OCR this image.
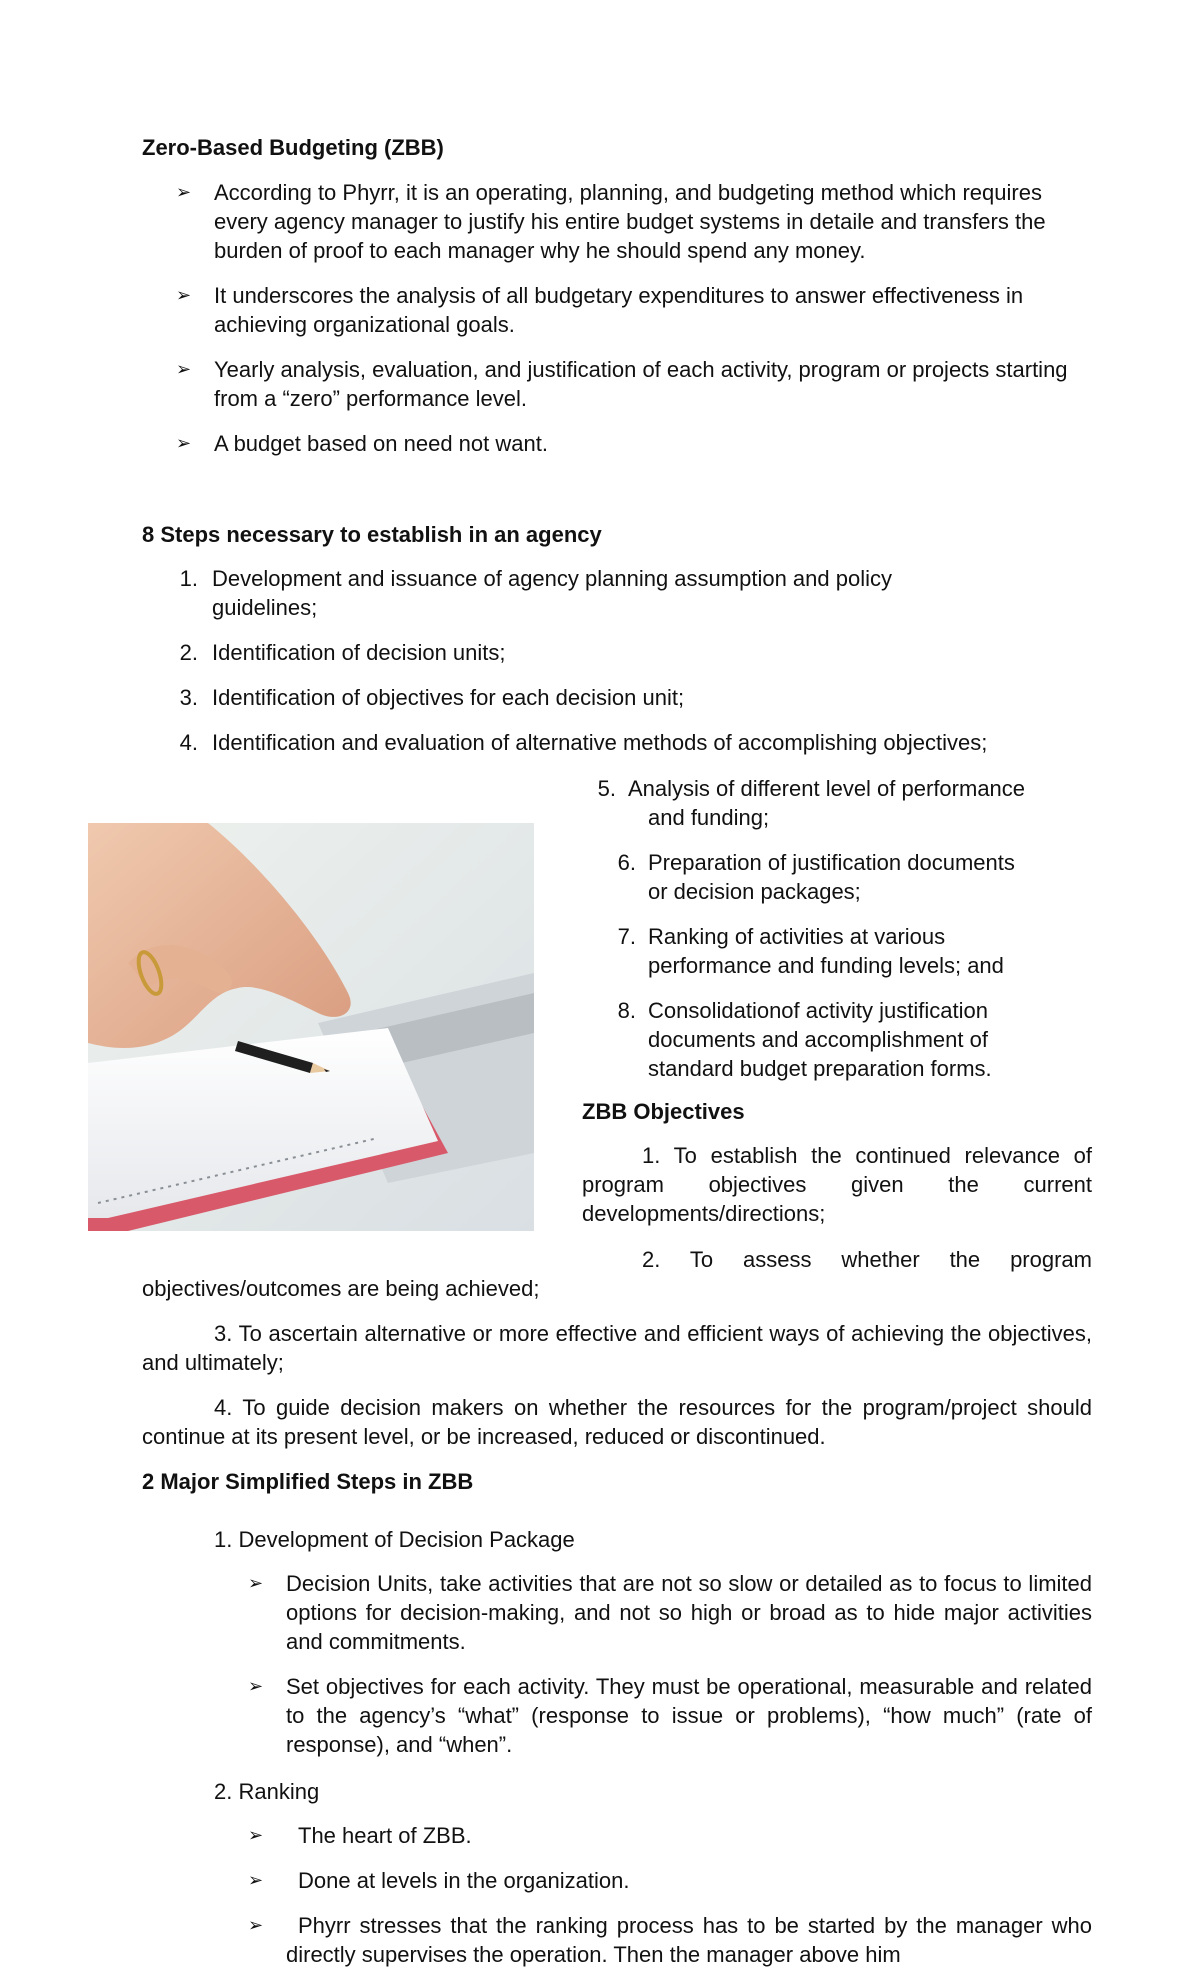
Zero-Based Budgeting (ZBB)
➢	According to Phyrr, it is an operating, planning, and budgeting method which requires every agency manager to justify his entire budget systems in detaile and transfers the burden of proof to each manager why he should spend any money.
➢	It underscores the analysis of all budgetary expenditures to answer effectiveness in achieving organizational goals.
➢	Yearly analysis, evaluation, and justification of each activity, program or projects starting from a “zero” performance level.
➢	A budget based on need not want.
8 Steps necessary to establish in an agency
1. Development and issuance of agency planning assumption and policy
guidelines;
2. Identification of decision units;
3. Identification of objectives for each decision unit;
4. Identification and evaluation of alternative methods of accomplishing objectives;
5. Analysis of different level of performance
and funding;
6. Preparation of justification documents
or decision packages;
7. Ranking of activities at various
performance and funding levels; and
8. Consolidationof activity justification
documents and accomplishment of
standard budget preparation forms.
ZBB Objectives
1. To establish the continued relevance of program objectives given the current developments/directions;
2. To assess whether the program
objectives/outcomes are being achieved;
3. To ascertain alternative or more effective and efficient ways of achieving the objectives, and ultimately;
4. To guide decision makers on whether the resources for the program/project should continue at its present level, or be increased, reduced or discontinued.
2 Major Simplified Steps in ZBB
1. Development of Decision Package
➢	Decision Units, take activities that are not so slow or detailed as to focus to limited options for decision-making, and not so high or broad as to hide major activities and commitments.
➢	Set objectives for each activity. They must be operational, measurable and related to the agency’s “what” (response to issue or problems), “how much” (rate of response), and “when”.
2. Ranking
➢	The heart of ZBB.
➢	Done at levels in the organization.
➢	Phyrr stresses that the ranking process has to be started by the manager who directly supervises the operation. Then the manager above him
